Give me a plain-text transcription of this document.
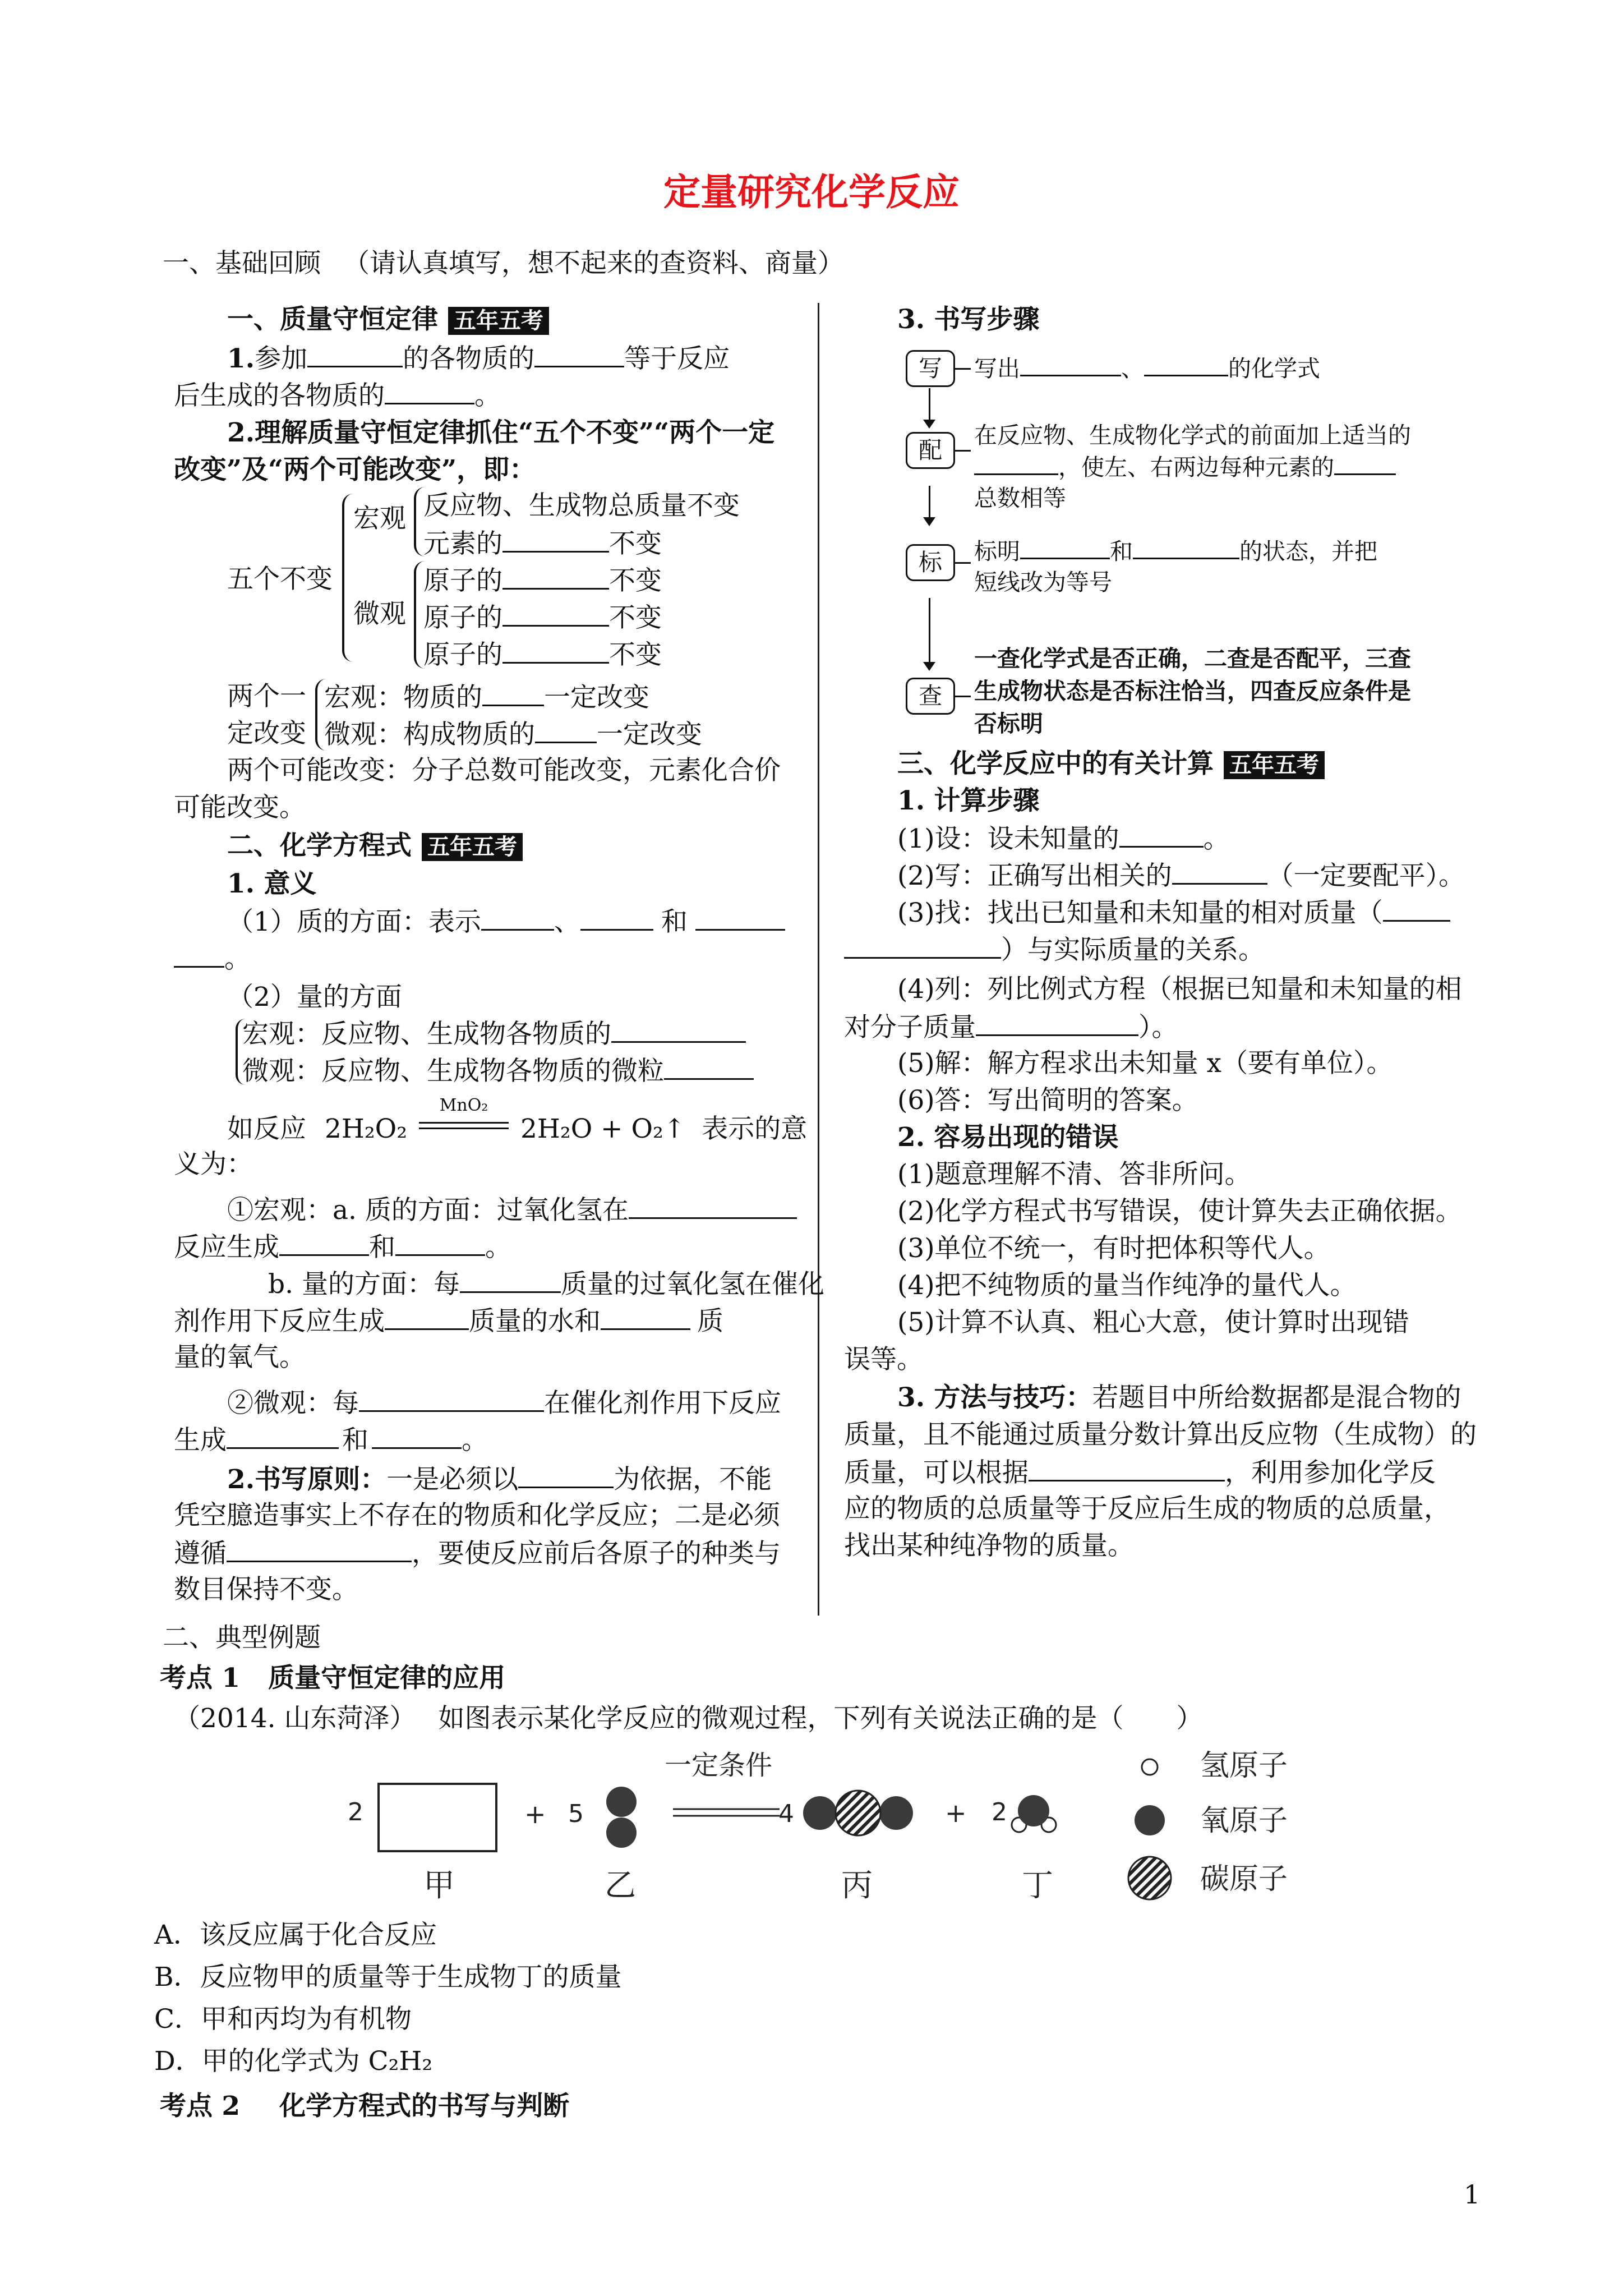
定量研究化学反应
一、基础回顾 （请认真填写，想不起来的查资料、商量）
一、质量守恒定律 五年五考
1.参加	的各物质的	等于反应
后生成的各物质的	。
2.理解质量守恒定律抓住“五个不变”“两个一定
改变”及“两个可能改变”，即：
五个不变
宏观
微观
反应物、生成物总质量不变
元素的	不变
原子的	不变
原子的	不变
原子的	不变
两个一
定改变
宏观：物质的 一定改变
微观：构成物质的 一定改变
两个可能改变：分子总数可能改变，元素化合价
可能改变。
二、化学方程式 五年五考
1. 意义
（1）质的方面：表示	、	和
。
（2）量的方面
宏观：反应物、生成物各物质的
微观：反应物、生成物各物质的微粒
如反应 2H₂O₂
MnO₂
2H₂O + O₂↑ 表示的意
义为：
①宏观：a. 质的方面：过氧化氢在
反应生成	和	。
b. 量的方面：每	质量的过氧化氢在催化
剂作用下反应生成	质量的水和	质
量的氧气。
②微观：每	在催化剂作用下反应
生成	和	。
2.书写原则：一是必须以	为依据，不能
凭空臆造事实上不存在的物质和化学反应；二是必须
遵循	，要使反应前后各原子的种类与
数目保持不变。
3. 书写步骤
写	写出	、	的化学式
配
在反应物、生成物化学式的前面加上适当的
，使左、右两边每种元素的
总数相等
标	标明	和	的状态，并把
短线改为等号
查
一查化学式是否正确，二查是否配平，三查
生成物状态是否标注恰当，四查反应条件是
否标明
三、化学反应中的有关计算 五年五考
1. 计算步骤
(1)设：设未知量的	。
(2)写：正确写出相关的	（一定要配平）。
(3)找：找出已知量和未知量的相对质量（
）与实际质量的关系。
(4)列：列比例式方程（根据已知量和未知量的相
对分子质量	）。
(5)解：解方程求出未知量 x（要有单位）。
(6)答：写出简明的答案。
2. 容易出现的错误
(1)题意理解不清、答非所问。
(2)化学方程式书写错误，使计算失去正确依据。
(3)单位不统一，有时把体积等代人。
(4)把不纯物质的量当作纯净的量代人。
(5)计算不认真、粗心大意，使计算时出现错
误等。
3. 方法与技巧：若题目中所给数据都是混合物的
质量，且不能通过质量分数计算出反应物（生成物）的
质量，可以根据	，利用参加化学反
应的物质的总质量等于反应后生成的物质的总质量，
找出某种纯净物的质量。
二、典型例题
考点 1 质量守恒定律的应用
（2014. 山东菏泽） 如图表示某化学反应的微观过程，下列有关说法正确的是（　　）
2	+ 5
一定条件
4	+ 2
甲	乙	丙	丁
氢原子
氧原子
碳原子
A．该反应属于化合反应
B．反应物甲的质量等于生成物丁的质量
C．甲和丙均为有机物
D．甲的化学式为 C₂H₂
考点 2 化学方程式的书写与判断
1
